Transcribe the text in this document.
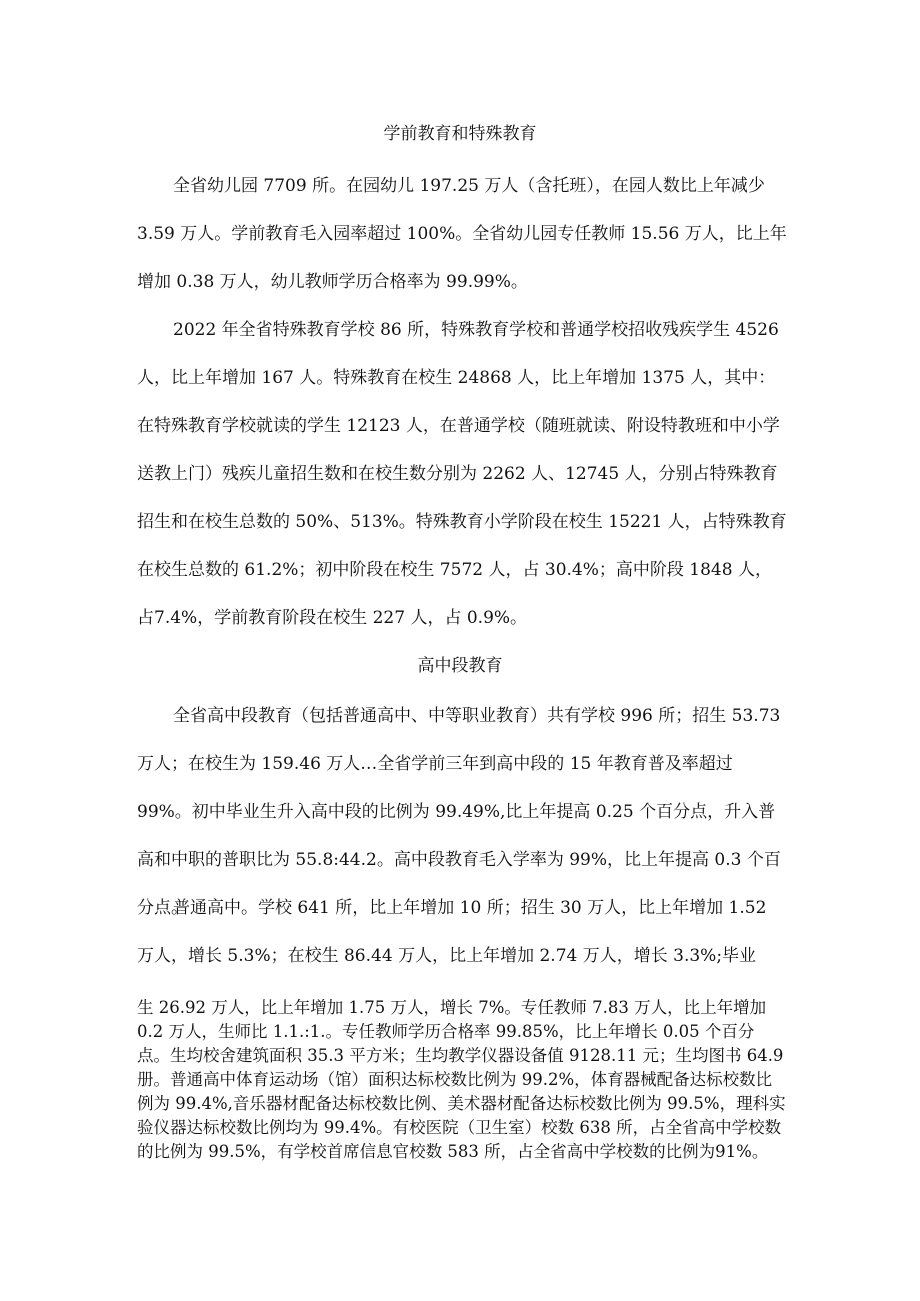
学前教育和特殊教育

全省幼儿园 7709 所。在园幼儿 197.25 万人（含托班），在园人数比上年减少3.59 万人。学前教育毛入园率超过 100%。全省幼儿园专任教师 15.56 万人，比上年增加 0.38 万人，幼儿教师学历合格率为 99.99%。

2022 年全省特殊教育学校 86 所，特殊教育学校和普通学校招收残疾学生 4526人，比上年增加 167 人。特殊教育在校生 24868 人，比上年增加 1375 人，其中：在特殊教育学校就读的学生 12123 人，在普通学校（随班就读、附设特教班和中小学送教上门）残疾儿童招生数和在校生数分别为 2262 人、12745 人，分别占特殊教育招生和在校生总数的 50%、513%。特殊教育小学阶段在校生 15221 人，占特殊教育在校生总数的 61.2%；初中阶段在校生 7572 人，占 30.4%；高中阶段 1848 人，占7.4%，学前教育阶段在校生 227 人，占 0.9%。

高中段教育

全省高中段教育（包括普通高中、中等职业教育）共有学校 996 所；招生 53.73万人；在校生为 159.46 万人…全省学前三年到高中段的 15 年教育普及率超过 99%。初中毕业生升入高中段的比例为 99.49%,比上年提高 0.25 个百分点，升入普高和中职的普职比为 55.8:44.2。高中段教育毛入学率为 99%，比上年提高 0.3 个百分点。

普通高中。学校 641 所，比上年增加 10 所；招生 30 万人，比上年增加 1.52 万人，增长 5.3%；在校生 86.44 万人，比上年增加 2.74 万人，增长 3.3%;毕业

生 26.92 万人，比上年增加 1.75 万人，增长 7%。专任教师 7.83 万人，比上年增加0.2 万人，生师比 1.1.:1.。专任教师学历合格率 99.85%，比上年增长 0.05 个百分点。生均校舍建筑面积 35.3 平方米；生均教学仪器设备值 9128.11 元；生均图书 64.9册。普通高中体育运动场（馆）面积达标校数比例为 99.2%，体育器械配备达标校数比例为 99.4%,音乐器材配备达标校数比例、美术器材配备达标校数比例为 99.5%，理科实验仪器达标校数比例均为 99.4%。有校医院（卫生室）校数 638 所，占全省高中学校数的比例为 99.5%，有学校首席信息官校数 583 所，占全省高中学校数的比例为91%。
